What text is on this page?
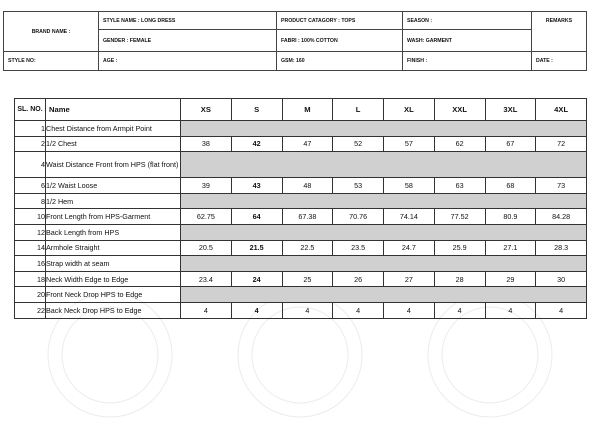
BRAND NAME :	STYLE NAME : LONG DRESS	PRODUCT CATAGORY : TOPS	SEASON :	REMARKS
	GENDER : FEMALE	FABRI : 100% COTTON	WASH: GARMENT	
STYLE NO:	AGE :	GSM: 160	FINISH :	DATE :
SL. NO.	Name	XS	S	M	L	XL	XXL	3XL	4XL
1	Chest Distance from Armpit Point								

2	1/2 Chest	38	42	47	52	57	62	67	72
4	Waist Distance Front from HPS (flat front)								

6	1/2 Waist Loose	39	43	48	53	58	63	68	73
8	1/2 Hem								

10	Front Length from HPS-Garment	62.75	64	67.38	70.76	74.14	77.52	80.9	84.28
12	Back Length from HPS								

14	Armhole Straight	20.5	21.5	22.5	23.5	24.7	25.9	27.1	28.3
16	Strap width at seam								

18	Neck Width Edge to Edge	23.4	24	25	26	27	28	29	30
20	Front Neck Drop HPS to Edge								

22	Back Neck Drop HPS to Edge	4	4	4	4	4	4	4	4
